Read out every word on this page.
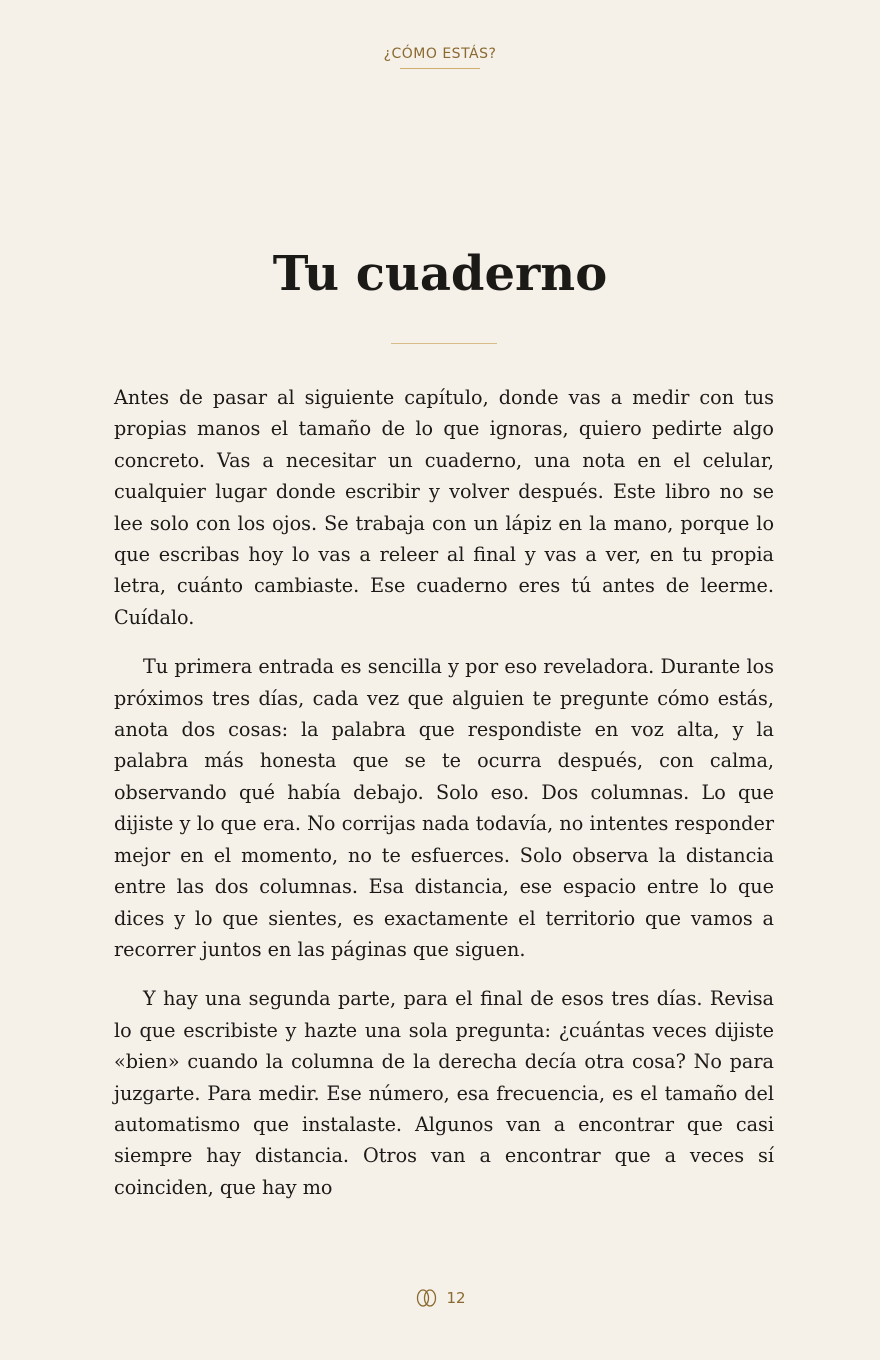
¿CÓMO ESTÁS?
Tu cuaderno

Antes de pasar al siguiente capítulo, donde vas a medir con tus propias manos el tamaño de lo que ignoras, quiero pedirte algo concreto. Vas a necesitar un cuaderno, una nota en el celular, cualquier lugar donde escribir y volver después. Este libro no se lee solo con los ojos. Se trabaja con un lápiz en la mano, porque lo que escribas hoy lo vas a releer al final y vas a ver, en tu propia letra, cuánto cambiaste. Ese cuaderno eres tú antes de leerme. Cuídalo.

Tu primera entrada es sencilla y por eso reveladora. Durante los próximos tres días, cada vez que alguien te pregunte cómo estás, anota dos cosas: la palabra que respondiste en voz alta, y la palabra más honesta que se te ocurra después, con calma, observando qué había debajo. Solo eso. Dos columnas. Lo que dijiste y lo que era. No corrijas nada todavía, no intentes responder mejor en el momento, no te esfuerces. Solo observa la distancia entre las dos columnas. Esa distancia, ese espacio entre lo que dices y lo que sientes, es exactamente el territorio que vamos a recorrer juntos en las páginas que siguen.

Y hay una segunda parte, para el final de esos tres días. Revisa lo que escribiste y hazte una sola pregunta: ¿cuántas veces dijiste «bien» cuando la columna de la derecha decía otra cosa? No para juzgarte. Para medir. Ese número, esa frecuencia, es el tamaño del automatismo que instalaste. Algunos van a encontrar que casi siempre hay distancia. Otros van a encontrar que a veces sí coinciden, que hay mo

12
